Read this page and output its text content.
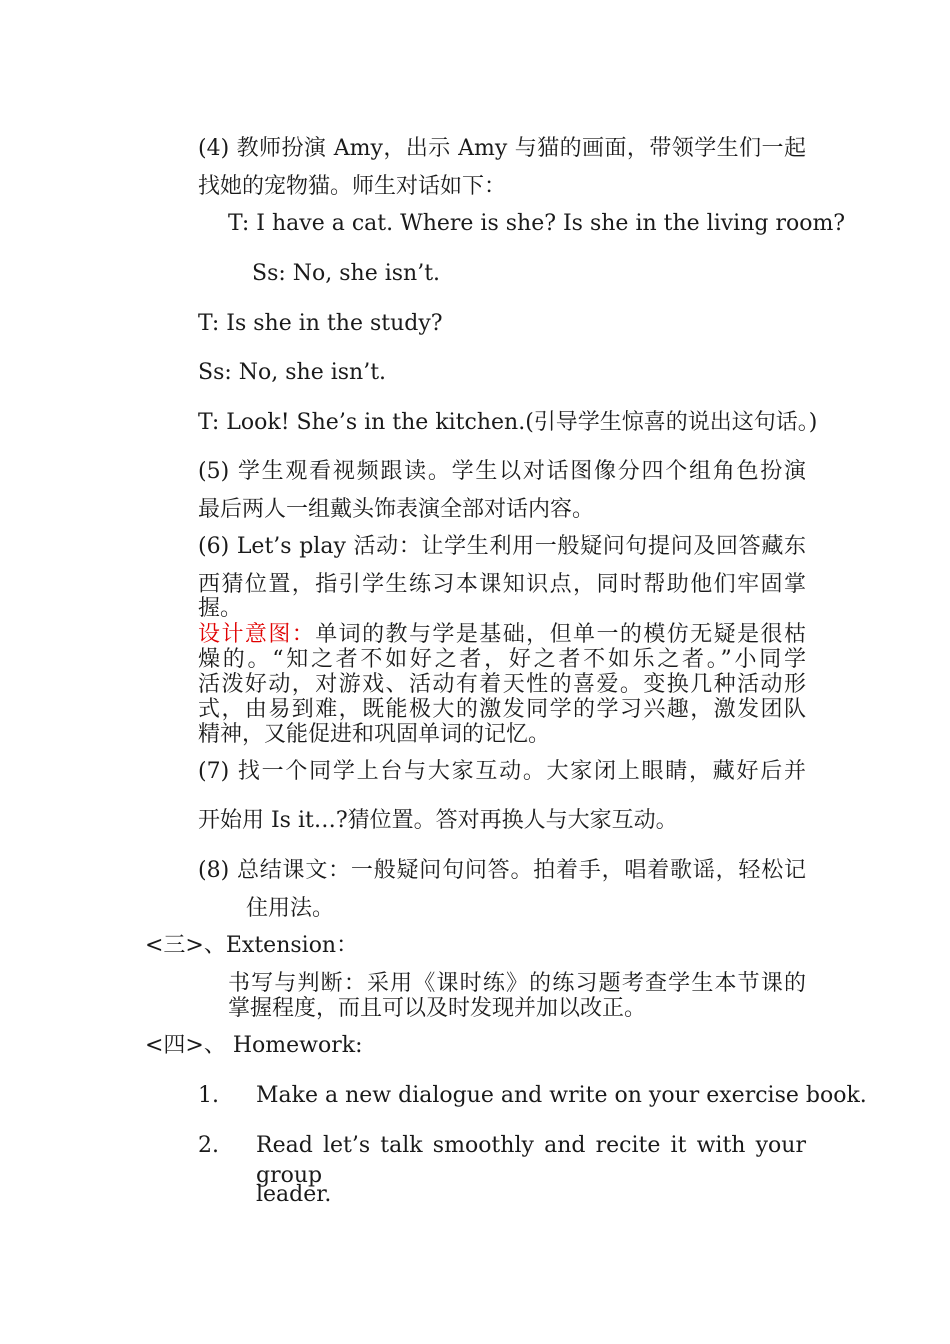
(4) 教师扮演 Amy，出示 Amy 与猫的画面，带领学生们一起
找她的宠物猫。师生对话如下：
T: I have a cat. Where is she? Is she in the living room?
Ss: No, she isn’t.
T: Is she in the study?
Ss: No, she isn’t.
T: Look! She’s in the kitchen.(引导学生惊喜的说出这句话。)
(5) 学生观看视频跟读。学生以对话图像分四个组角色扮演
最后两人一组戴头饰表演全部对话内容。
(6) Let’s play 活动：让学生利用一般疑问句提问及回答藏东
西猜位置，指引学生练习本课知识点，同时帮助他们牢固掌
握。
设计意图：单词的教与学是基础，但单一的模仿无疑是很枯
燥的。“知之者不如好之者，好之者不如乐之者。”小同学
活泼好动，对游戏、活动有着天性的喜爱。变换几种活动形
式，由易到难，既能极大的激发同学的学习兴趣，激发团队
精神，又能促进和巩固单词的记忆。
(7) 找一个同学上台与大家互动。大家闭上眼睛，藏好后并
开始用 Is it…?猜位置。答对再换人与大家互动。
(8) 总结课文：一般疑问句问答。拍着手，唱着歌谣，轻松记
住用法。
<三>、Extension：
书写与判断：采用《课时练》的练习题考查学生本节课的
掌握程度，而且可以及时发现并加以改正。
<四>、 Homework:
1. Make a new dialogue and write on your exercise book.
2. Read let’s talk smoothly and recite it with your group
leader.
